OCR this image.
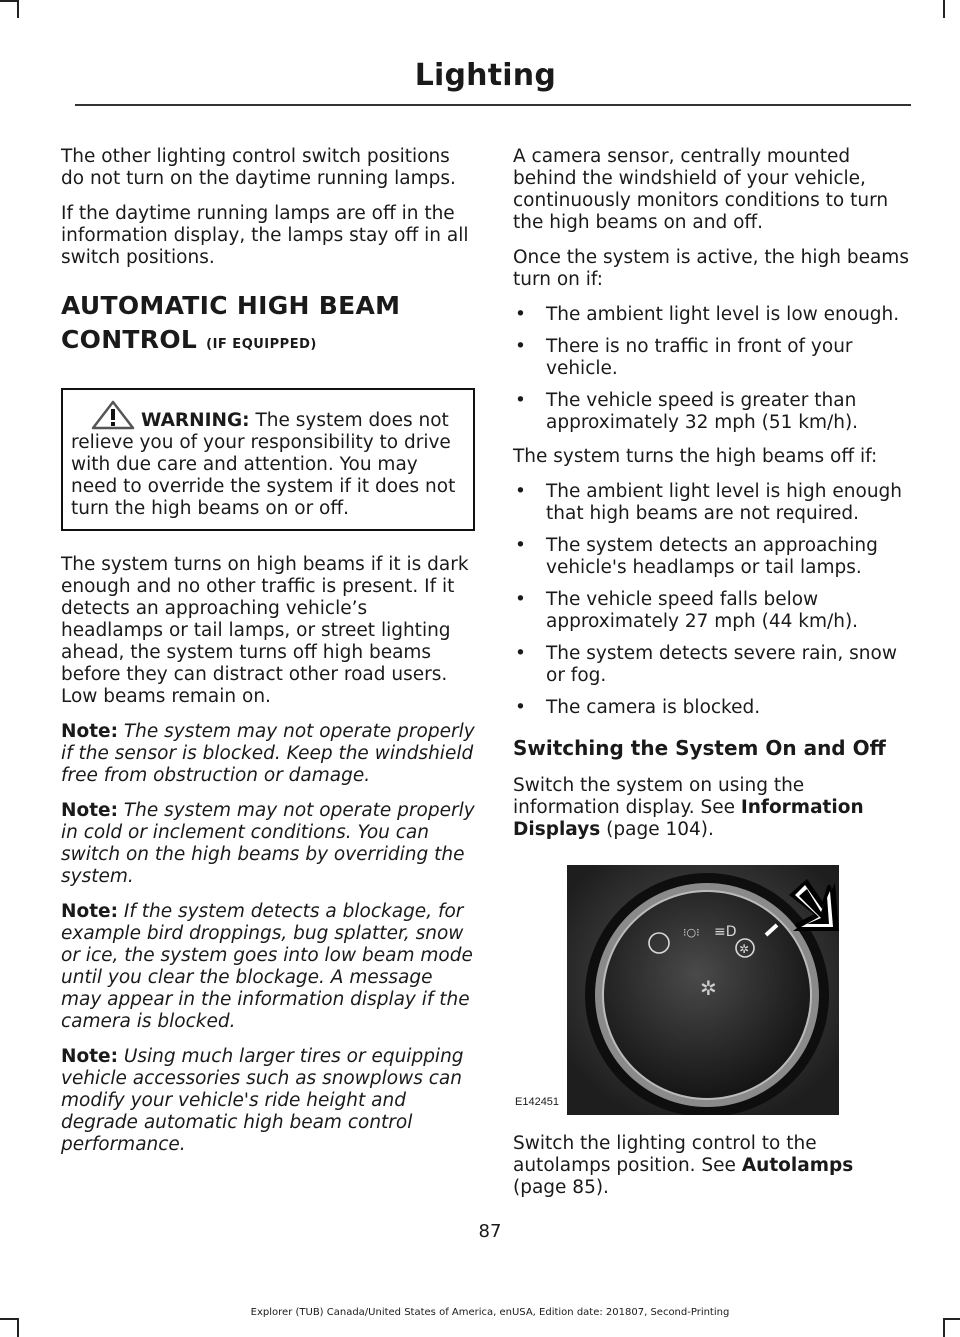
Lighting

The other lighting control switch positions do not turn on the daytime running lamps.

If the daytime running lamps are off in the information display, the lamps stay off in all switch positions.

AUTOMATIC HIGH BEAM CONTROL (IF EQUIPPED)
WARNING: The system does not relieve you of your responsibility to drive with due care and attention. You may need to override the system if it does not turn the high beams on or off.

The system turns on high beams if it is dark enough and no other traffic is present. If it detects an approaching vehicle’s headlamps or tail lamps, or street lighting ahead, the system turns off high beams before they can distract other road users. Low beams remain on.

Note: The system may not operate properly if the sensor is blocked. Keep the windshield free from obstruction or damage.

Note: The system may not operate properly in cold or inclement conditions. You can switch on the high beams by overriding the system.

Note: If the system detects a blockage, for example bird droppings, bug splatter, snow or ice, the system goes into low beam mode until you clear the blockage. A message may appear in the information display if the camera is blocked.

Note: Using much larger tires or equipping vehicle accessories such as snowplows can modify your vehicle's ride height and degrade automatic high beam control performance.

A camera sensor, centrally mounted behind the windshield of your vehicle, continuously monitors conditions to turn the high beams on and off.

Once the system is active, the high beams turn on if:

• The ambient light level is low enough.
• There is no traffic in front of your vehicle.
• The vehicle speed is greater than approximately 32 mph (51 km/h).

The system turns the high beams off if:

• The ambient light level is high enough that high beams are not required.
• The system detects an approaching vehicle's headlamps or tail lamps.
• The vehicle speed falls below approximately 27 mph (44 km/h).
• The system detects severe rain, snow or fog.
• The camera is blocked.
Switching the System On and Off

Switch the system on using the information display. See Information Displays (page 104).

⁝○⁝ ≡D
✲
✲
E142451

Switch the lighting control to the autolamps position. See Autolamps (page 85).

87
Explorer (TUB) Canada/United States of America, enUSA, Edition date: 201807, Second-Printing
